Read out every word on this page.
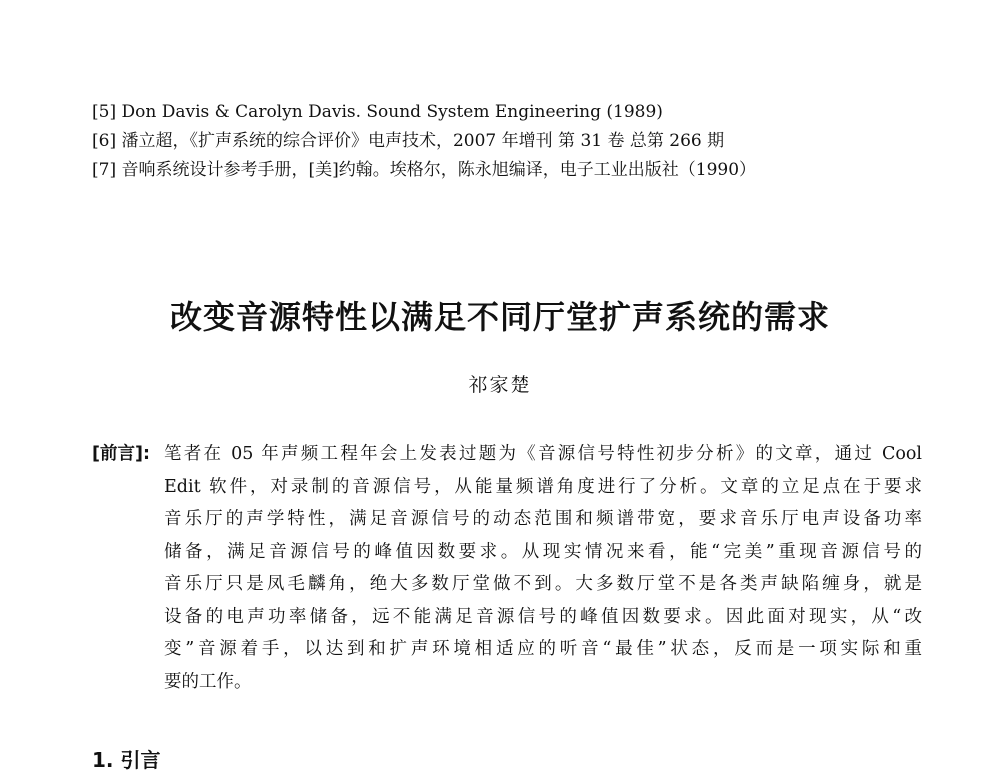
[5] Don Davis & Carolyn Davis. Sound System Engineering (1989)
[6] 潘立超，《扩声系统的综合评价》电声技术，2007 年增刊 第 31 卷 总第 266 期
[7] 音响系统设计参考手册，[美]约翰。埃格尔，陈永旭编译，电子工业出版社（1990）
改变音源特性以满足不同厅堂扩声系统的需求
祁家楚
[前言]: 笔者在 05 年声频工程年会上发表过题为《音源信号特性初步分析》的文章，通过 Cool
Edit 软件，对录制的音源信号，从能量频谱角度进行了分析。文章的立足点在于要求
音乐厅的声学特性，满足音源信号的动态范围和频谱带宽，要求音乐厅电声设备功率
储备，满足音源信号的峰值因数要求。从现实情况来看，能“完美”重现音源信号的
音乐厅只是凤毛麟角，绝大多数厅堂做不到。大多数厅堂不是各类声缺陷缠身，就是
设备的电声功率储备，远不能满足音源信号的峰值因数要求。因此面对现实，从“改
变”音源着手，以达到和扩声环境相适应的听音“最佳”状态，反而是一项实际和重
要的工作。
1. 引言
